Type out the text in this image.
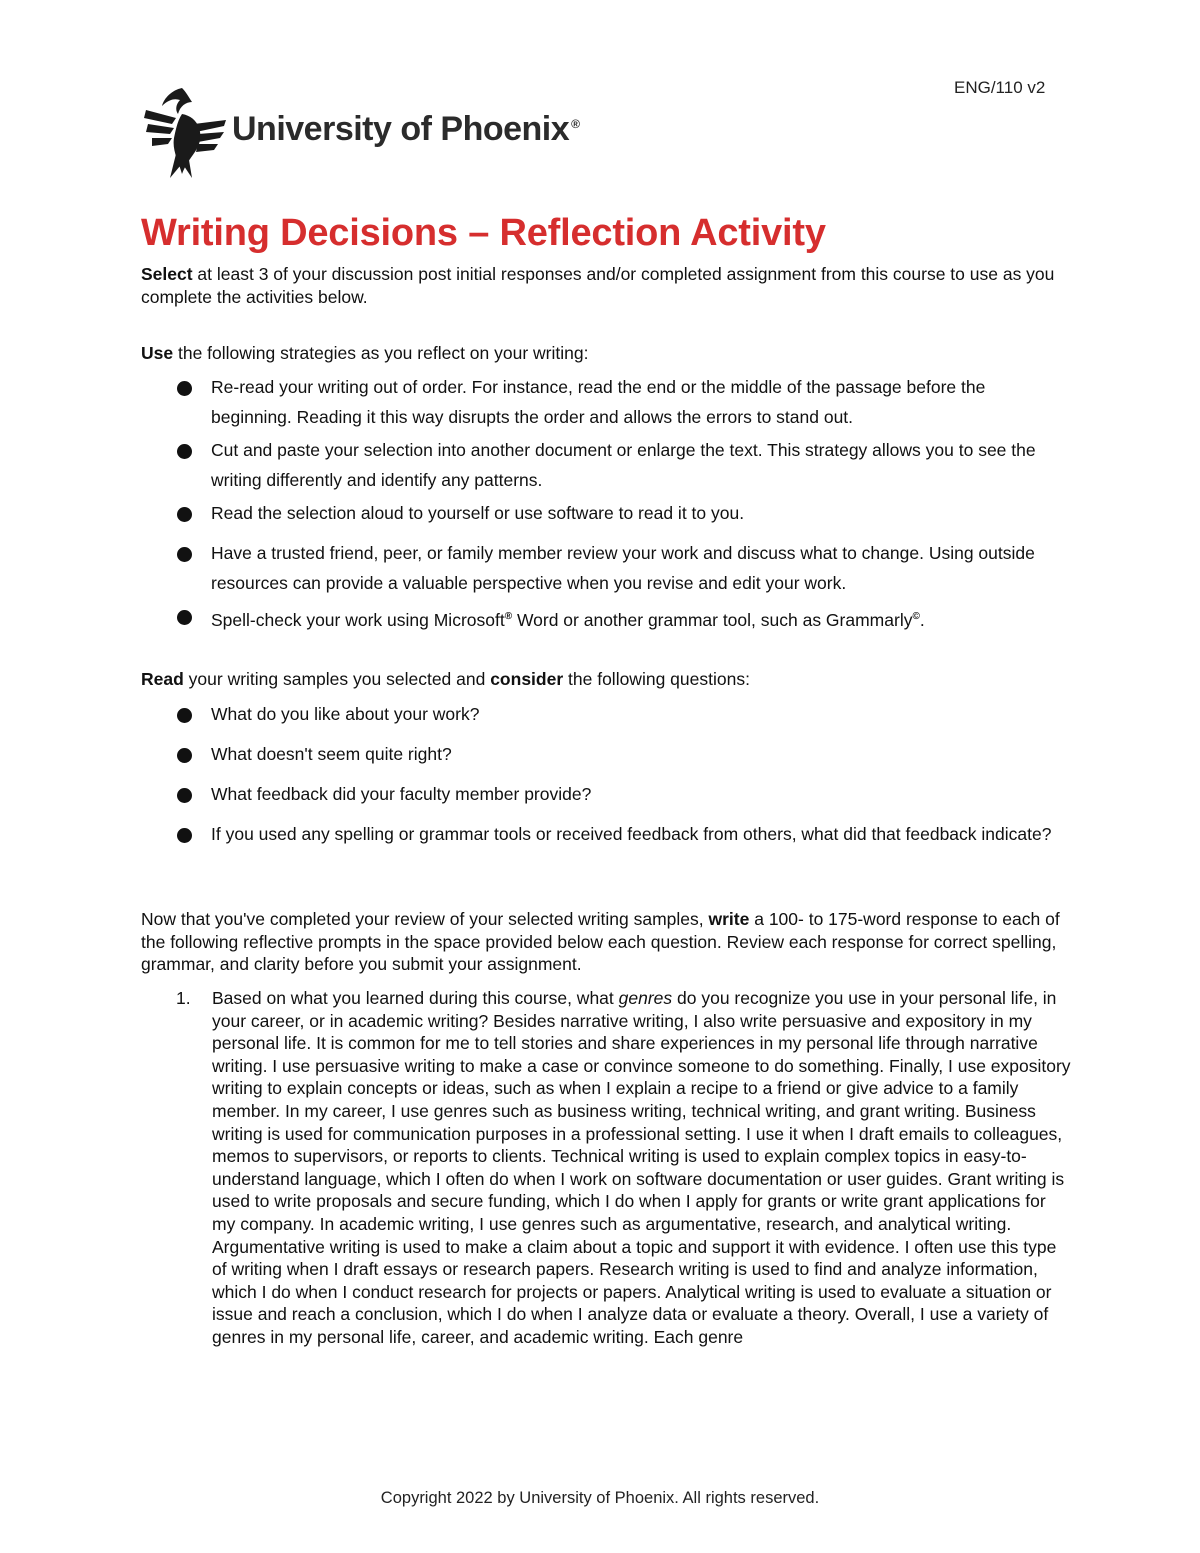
ENG/110 v2
University of Phoenix ®
Writing Decisions – Reflection Activity
Select at least 3 of your discussion post initial responses and/or completed assignment from this course to use as you complete the activities below.
Use the following strategies as you reflect on your writing:
Re-read your writing out of order. For instance, read the end or the middle of the passage before the beginning. Reading it this way disrupts the order and allows the errors to stand out.
Cut and paste your selection into another document or enlarge the text. This strategy allows you to see the writing differently and identify any patterns.
Read the selection aloud to yourself or use software to read it to you.
Have a trusted friend, peer, or family member review your work and discuss what to change. Using outside resources can provide a valuable perspective when you revise and edit your work.
Spell-check your work using Microsoft® Word or another grammar tool, such as Grammarly©.
Read your writing samples you selected and consider the following questions:
What do you like about your work?
What doesn't seem quite right?
What feedback did your faculty member provide?
If you used any spelling or grammar tools or received feedback from others, what did that feedback indicate?
Now that you've completed your review of your selected writing samples, write a 100- to 175-word response to each of the following reflective prompts in the space provided below each question. Review each response for correct spelling, grammar, and clarity before you submit your assignment.
1. Based on what you learned during this course, what genres do you recognize you use in your personal life, in your career, or in academic writing? Besides narrative writing, I also write persuasive and expository in my personal life. It is common for me to tell stories and share experiences in my personal life through narrative writing. I use persuasive writing to make a case or convince someone to do something. Finally, I use expository writing to explain concepts or ideas, such as when I explain a recipe to a friend or give advice to a family member. In my career, I use genres such as business writing, technical writing, and grant writing. Business writing is used for communication purposes in a professional setting. I use it when I draft emails to colleagues, memos to supervisors, or reports to clients. Technical writing is used to explain complex topics in easy-to-understand language, which I often do when I work on software documentation or user guides. Grant writing is used to write proposals and secure funding, which I do when I apply for grants or write grant applications for my company. In academic writing, I use genres such as argumentative, research, and analytical writing. Argumentative writing is used to make a claim about a topic and support it with evidence. I often use this type of writing when I draft essays or research papers. Research writing is used to find and analyze information, which I do when I conduct research for projects or papers. Analytical writing is used to evaluate a situation or issue and reach a conclusion, which I do when I analyze data or evaluate a theory. Overall, I use a variety of genres in my personal life, career, and academic writing. Each genre
Copyright 2022 by University of Phoenix. All rights reserved.
